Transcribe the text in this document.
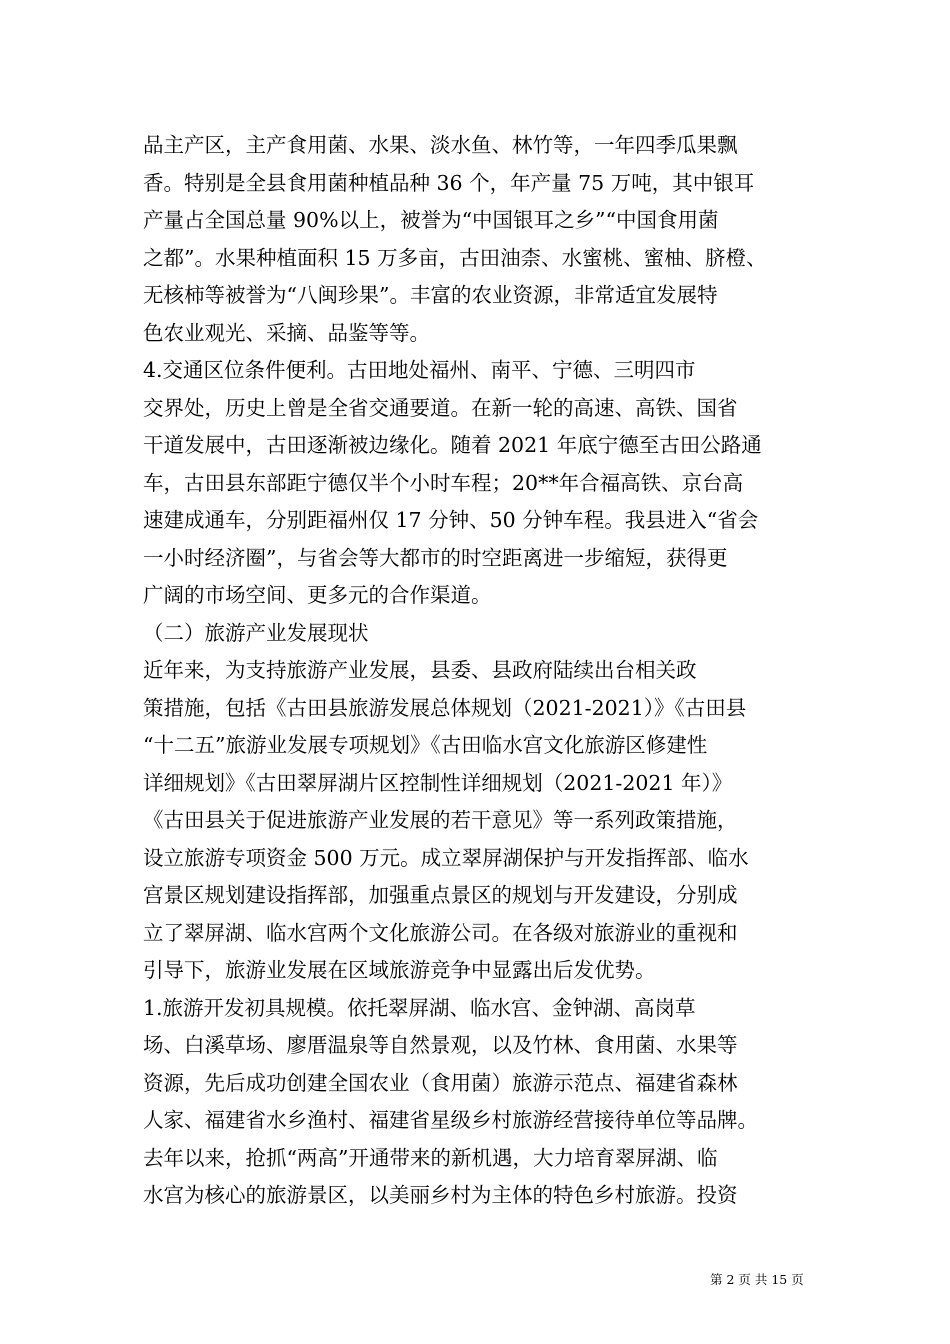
品主产区，主产食用菌、水果、淡水鱼、林竹等，一年四季瓜果飘
香。特别是全县食用菌种植品种 36 个，年产量 75 万吨，其中银耳
产量占全国总量 90%以上，被誉为“中国银耳之乡”“中国食用菌
之都”。水果种植面积 15 万多亩，古田油柰、水蜜桃、蜜柚、脐橙、
无核柿等被誉为“八闽珍果”。丰富的农业资源，非常适宜发展特
色农业观光、采摘、品鉴等等。
4.交通区位条件便利。古田地处福州、南平、宁德、三明四市
交界处，历史上曾是全省交通要道。在新一轮的高速、高铁、国省
干道发展中，古田逐渐被边缘化。随着 2021 年底宁德至古田公路通
车，古田县东部距宁德仅半个小时车程；20**年合福高铁、京台高
速建成通车，分别距福州仅 17 分钟、50 分钟车程。我县进入“省会
一小时经济圈”，与省会等大都市的时空距离进一步缩短，获得更
广阔的市场空间、更多元的合作渠道。
（二）旅游产业发展现状
近年来，为支持旅游产业发展，县委、县政府陆续出台相关政
策措施，包括《古田县旅游发展总体规划（2021-2021）》《古田县
“十二五”旅游业发展专项规划》《古田临水宫文化旅游区修建性
详细规划》《古田翠屏湖片区控制性详细规划（2021-2021 年）》
《古田县关于促进旅游产业发展的若干意见》等一系列政策措施，
设立旅游专项资金 500 万元。成立翠屏湖保护与开发指挥部、临水
宫景区规划建设指挥部，加强重点景区的规划与开发建设，分别成
立了翠屏湖、临水宫两个文化旅游公司。在各级对旅游业的重视和
引导下，旅游业发展在区域旅游竞争中显露出后发优势。
1.旅游开发初具规模。依托翠屏湖、临水宫、金钟湖、高岗草
场、白溪草场、廖厝温泉等自然景观，以及竹林、食用菌、水果等
资源，先后成功创建全国农业（食用菌）旅游示范点、福建省森林
人家、福建省水乡渔村、福建省星级乡村旅游经营接待单位等品牌。
去年以来，抢抓“两高”开通带来的新机遇，大力培育翠屏湖、临
水宫为核心的旅游景区，以美丽乡村为主体的特色乡村旅游。投资
第 2 页 共 15 页
